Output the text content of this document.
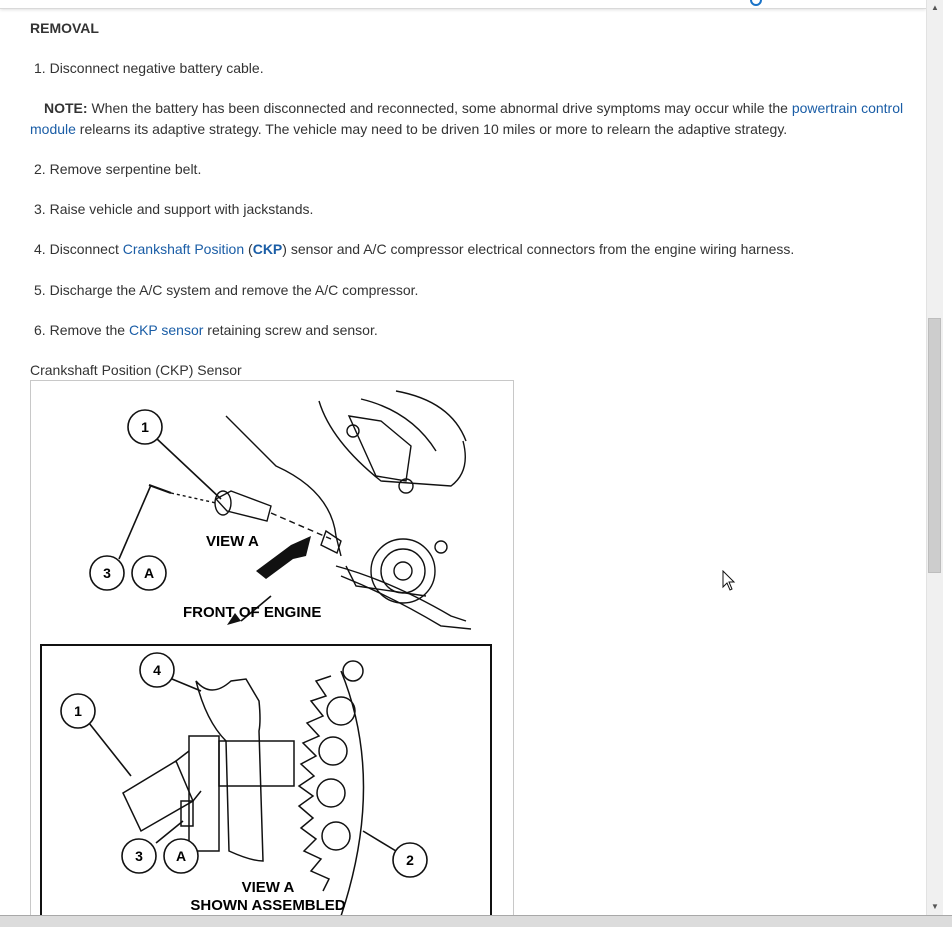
REMOVAL
1. Disconnect negative battery cable.
NOTE: When the battery has been disconnected and reconnected, some abnormal drive symptoms may occur while the powertrain control module relearns its adaptive strategy. The vehicle may need to be driven 10 miles or more to relearn the adaptive strategy.
2. Remove serpentine belt.
3. Raise vehicle and support with jackstands.
4. Disconnect Crankshaft Position (CKP) sensor and A/C compressor electrical connectors from the engine wiring harness.
5. Discharge the A/C system and remove the A/C compressor.
6. Remove the CKP sensor retaining screw and sensor.
Crankshaft Position (CKP) Sensor
1
3 A
VIEW A
FRONT OF ENGINE
4
1
3 A	2
VIEW A
SHOWN ASSEMBLED
▲
▼
